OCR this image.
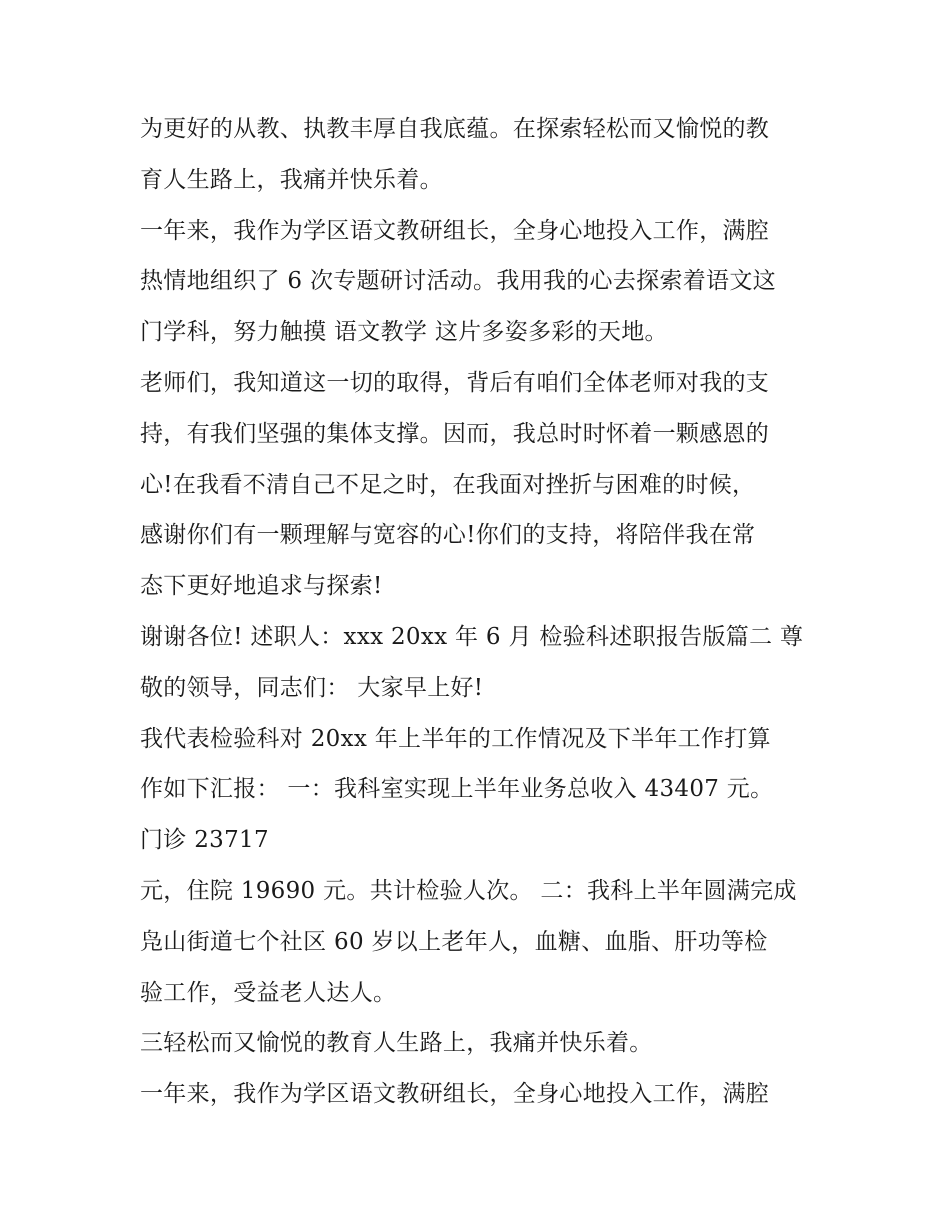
为更好的从教、执教丰厚自我底蕴。在探索轻松而又愉悦的教
育人生路上，我痛并快乐着。
一年来，我作为学区语文教研组长，全身心地投入工作，满腔
热情地组织了 6 次专题研讨活动。我用我的心去探索着语文这
门学科，努力触摸 语文教学 这片多姿多彩的天地。
老师们，我知道这一切的取得，背后有咱们全体老师对我的支
持，有我们坚强的集体支撑。因而，我总时时怀着一颗感恩的
心!在我看不清自己不足之时，在我面对挫折与困难的时候，
感谢你们有一颗理解与宽容的心!你们的支持，将陪伴我在常
态下更好地追求与探索!
谢谢各位! 述职人：xxx 20xx 年 6 月 检验科述职报告版篇二 尊
敬的领导，同志们： 大家早上好!
我代表检验科对 20xx 年上半年的工作情况及下半年工作打算
作如下汇报： 一：我科室实现上半年业务总收入 43407 元。
门诊 23717
元，住院 19690 元。共计检验人次。 二：我科上半年圆满完成
凫山街道七个社区 60 岁以上老年人，血糖、血脂、肝功等检
验工作，受益老人达人。
三轻松而又愉悦的教育人生路上，我痛并快乐着。
一年来，我作为学区语文教研组长，全身心地投入工作，满腔
